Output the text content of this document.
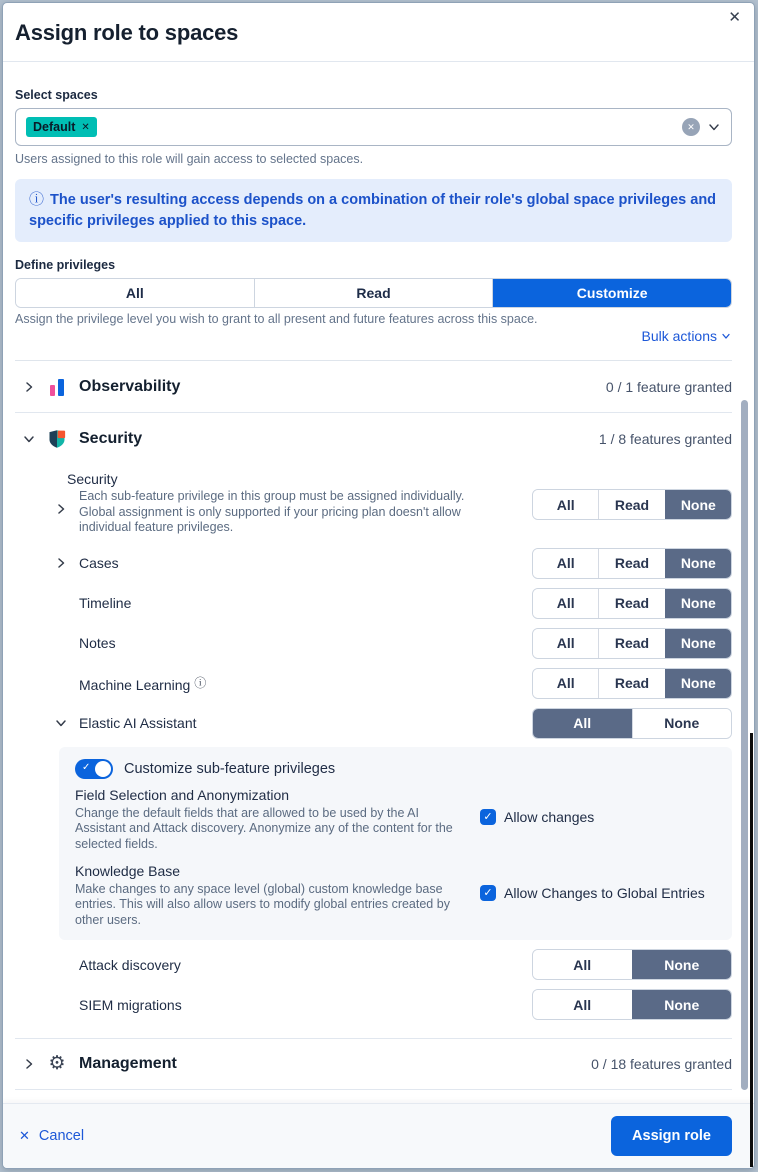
Assign role to spaces
✕
Select spaces
Default ✕	✕
Users assigned to this role will gain access to selected spaces.
ⓘ The user's resulting access depends on a combination of their role's global space privileges and specific privileges applied to this space.
Define privileges
All	Read	Customize
Assign the privilege level you wish to grant to all present and future features across this space.
Bulk actions
Observability	0 / 1 feature granted
Security	1 / 8 features granted
Security
Each sub-feature privilege in this group must be assigned individually. Global assignment is only supported if your pricing plan doesn't allow individual feature privileges.
All	Read	None
Cases	All	Read	None
Timeline	All	Read	None
Notes	All	Read	None
Machine Learning ⓘ	All	Read	None
Elastic AI Assistant	All	None
✓ Customize sub-feature privileges
Field Selection and Anonymization
Change the default fields that are allowed to be used by the AI Assistant and Attack discovery. Anonymize any of the content for the selected fields.
✓ Allow changes
Knowledge Base
Make changes to any space level (global) custom knowledge base entries. This will also allow users to modify global entries created by other users.
✓ Allow Changes to Global Entries
Attack discovery	All	None
SIEM migrations	All	None
⚙ Management	0 / 18 features granted
✕ Cancel	Assign role
